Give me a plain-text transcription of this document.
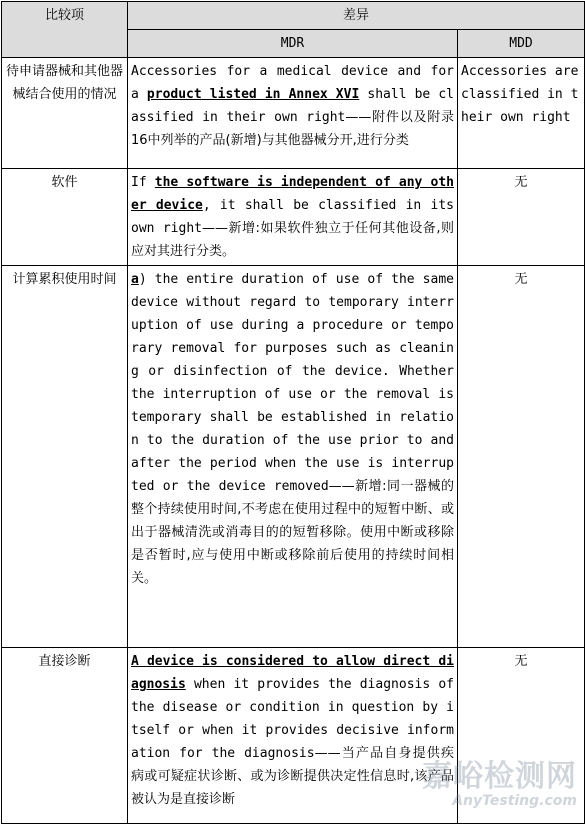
比较项	差异	
	MDR	MDD
待申请器械和其他器械结合使用的情况	Accessories for a medical device and for a product listed in Annex XVI shall be classified in their own right——附件以及附录16中列举的产品(新增)与其他器械分开,进行分类	Accessories are classified in their own right
软件	If the software is independent of any other device, it shall be classified in its own right——新增:如果软件独立于任何其他设备,则应对其进行分类。	无
计算累积使用时间	a) the entire duration of use of the same device without regard to temporary interruption of use during a procedure or temporary removal for purposes such as cleaning or disinfection of the device. Whether the interruption of use or the removal is temporary shall be established in relation to the duration of the use prior to and after the period when the use is interrupted or the device removed——新增:同一器械的整个持续使用时间,不考虑在使用过程中的短暂中断、或出于器械清洗或消毒目的的短暂移除。使用中断或移除是否暂时,应与使用中断或移除前后使用的持续时间相关。	无
直接诊断	A device is considered to allow direct diagnosis when it provides the diagnosis of the disease or condition in question by itself or when it provides decisive information for the diagnosis——当产品自身提供疾病或可疑症状诊断、或为诊断提供决定性信息时,该产品被认为是直接诊断	无
嘉峪检测网
AnyTesting.com
